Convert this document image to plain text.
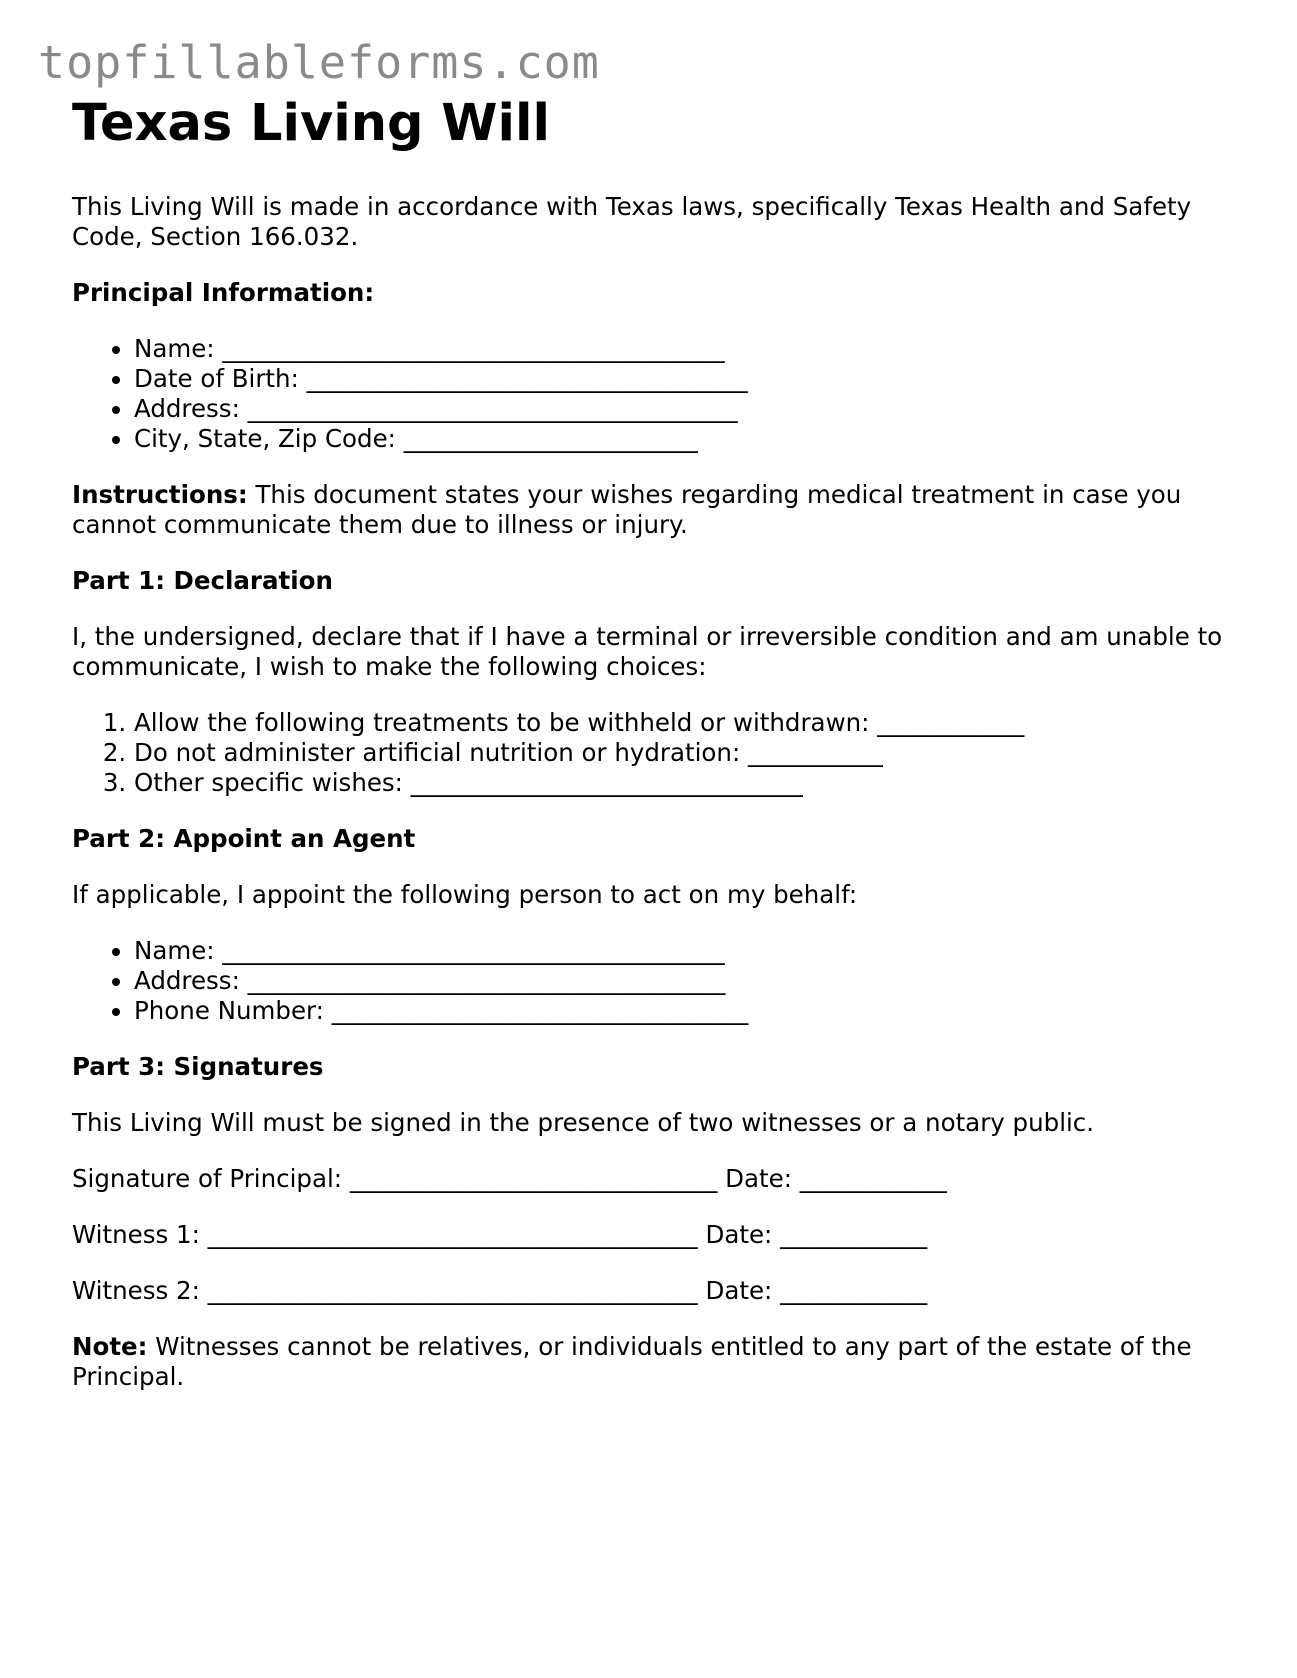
topfillableforms.com
Texas Living Will

This Living Will is made in accordance with Texas laws, specifically Texas Health and Safety Code, Section 166.032.

Principal Information:

• Name: _________________________________________
• Date of Birth: ____________________________________
• Address: ________________________________________
• City, State, Zip Code: ________________________

Instructions: This document states your wishes regarding medical treatment in case you cannot communicate them due to illness or injury.

Part 1: Declaration

I, the undersigned, declare that if I have a terminal or irreversible condition and am unable to communicate, I wish to make the following choices:

1. Allow the following treatments to be withheld or withdrawn: ____________
2. Do not administer artificial nutrition or hydration: ___________
3. Other specific wishes: ________________________________

Part 2: Appoint an Agent

If applicable, I appoint the following person to act on my behalf:

• Name: _________________________________________
• Address: _______________________________________
• Phone Number: __________________________________

Part 3: Signatures

This Living Will must be signed in the presence of two witnesses or a notary public.

Signature of Principal: ______________________________ Date: ____________

Witness 1: ________________________________________ Date: ____________

Witness 2: ________________________________________ Date: ____________

Note: Witnesses cannot be relatives, or individuals entitled to any part of the estate of the Principal.
